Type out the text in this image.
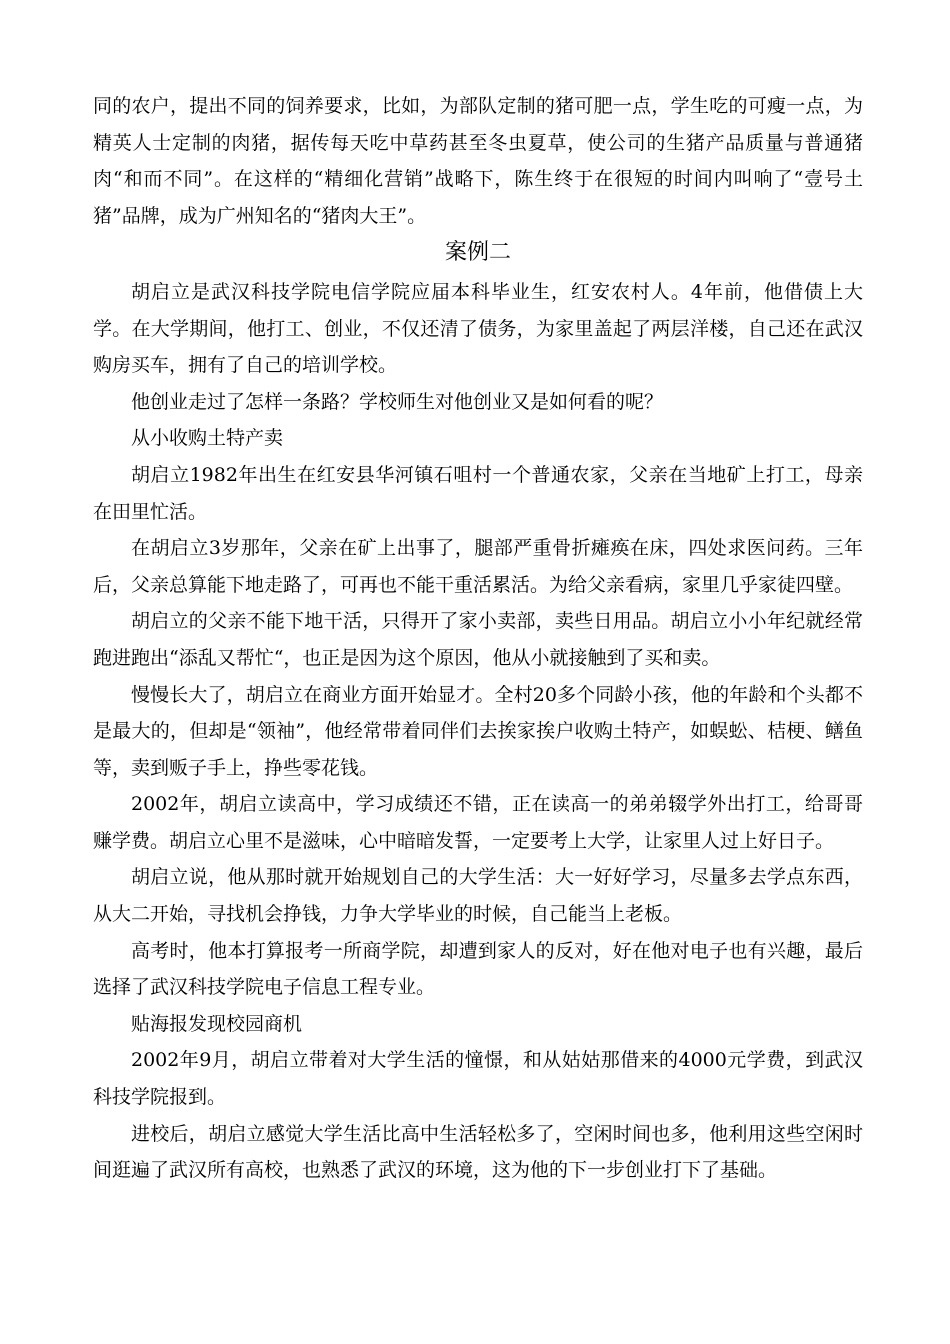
同的农户，提出不同的饲养要求，比如，为部队定制的猪可肥一点，学生吃的可瘦一点，为精英人士定制的肉猪，据传每天吃中草药甚至冬虫夏草，使公司的生猪产品质量与普通猪肉“和而不同”。在这样的“精细化营销”战略下，陈生终于在很短的时间内叫响了“壹号土猪”品牌，成为广州知名的“猪肉大王”。

案例二

胡启立是武汉科技学院电信学院应届本科毕业生，红安农村人。4年前，他借债上大学。在大学期间，他打工、创业，不仅还清了债务，为家里盖起了两层洋楼，自己还在武汉购房买车，拥有了自己的培训学校。

他创业走过了怎样一条路？学校师生对他创业又是如何看的呢？

从小收购土特产卖

胡启立1982年出生在红安县华河镇石咀村一个普通农家，父亲在当地矿上打工，母亲在田里忙活。

在胡启立3岁那年，父亲在矿上出事了，腿部严重骨折瘫痪在床，四处求医问药。三年后，父亲总算能下地走路了，可再也不能干重活累活。为给父亲看病，家里几乎家徒四壁。

胡启立的父亲不能下地干活，只得开了家小卖部，卖些日用品。胡启立小小年纪就经常跑进跑出“添乱又帮忙“，也正是因为这个原因，他从小就接触到了买和卖。

慢慢长大了，胡启立在商业方面开始显才。全村20多个同龄小孩，他的年龄和个头都不是最大的，但却是“领袖”，他经常带着同伴们去挨家挨户收购土特产，如蜈蚣、桔梗、鳝鱼等，卖到贩子手上，挣些零花钱。

2002年，胡启立读高中，学习成绩还不错，正在读高一的弟弟辍学外出打工，给哥哥赚学费。胡启立心里不是滋味，心中暗暗发誓，一定要考上大学，让家里人过上好日子。

胡启立说，他从那时就开始规划自己的大学生活：大一好好学习，尽量多去学点东西，从大二开始，寻找机会挣钱，力争大学毕业的时候，自己能当上老板。

高考时，他本打算报考一所商学院，却遭到家人的反对，好在他对电子也有兴趣，最后选择了武汉科技学院电子信息工程专业。

贴海报发现校园商机

2002年9月，胡启立带着对大学生活的憧憬，和从姑姑那借来的4000元学费，到武汉科技学院报到。

进校后，胡启立感觉大学生活比高中生活轻松多了，空闲时间也多，他利用这些空闲时间逛遍了武汉所有高校，也熟悉了武汉的环境，这为他的下一步创业打下了基础。
